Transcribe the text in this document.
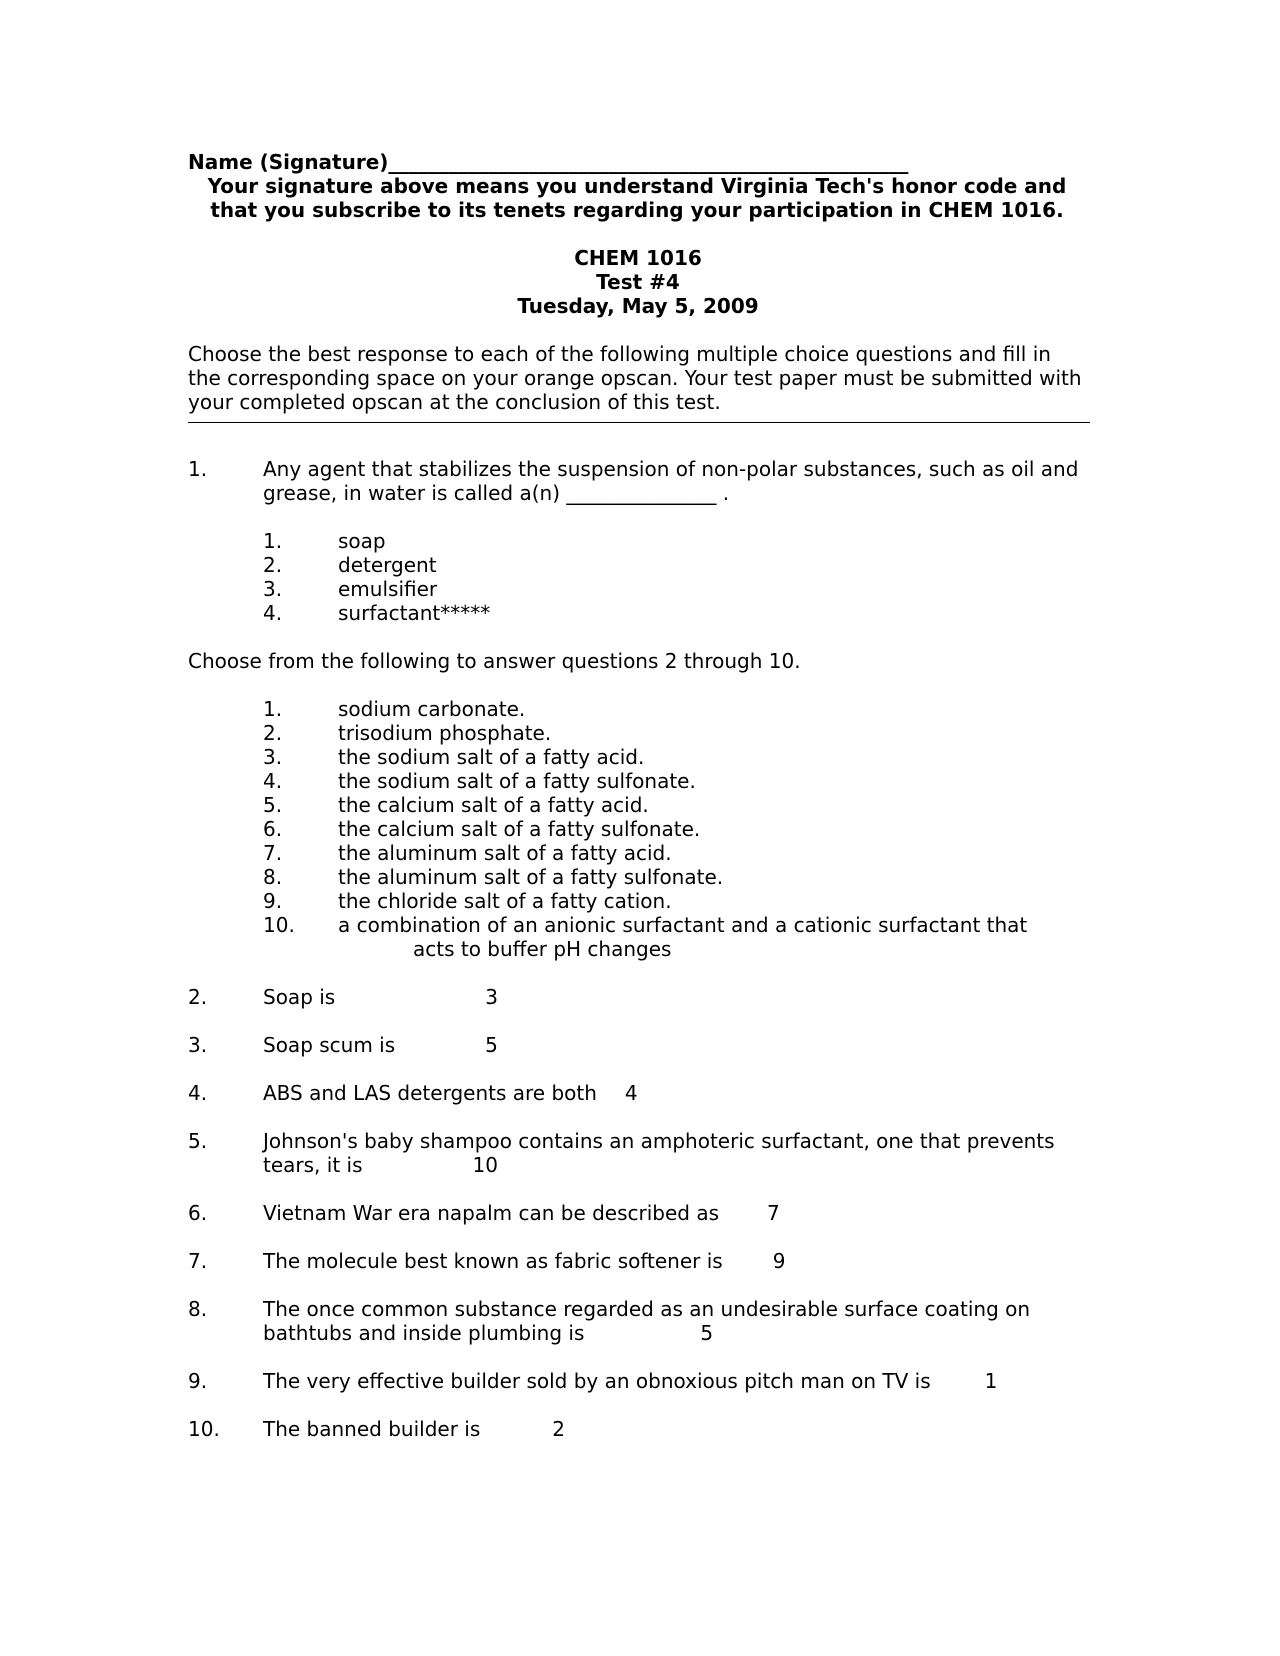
Name (Signature)____________________________________________________
Your signature above means you understand Virginia Tech's honor code and
that you subscribe to its tenets regarding your participation in CHEM 1016.
CHEM 1016
Test #4
Tuesday, May 5, 2009
Choose the best response to each of the following multiple choice questions and fill in the corresponding space on your orange opscan. Your test paper must be submitted with your completed opscan at the conclusion of this test.
1.	Any agent that stabilizes the suspension of non-polar substances, such as oil and grease, in water is called a(n) _______________ .
1.	soap
2.	detergent
3.	emulsifier
4.	surfactant*****
Choose from the following to answer questions 2 through 10.
1.	sodium carbonate.
2.	trisodium phosphate.
3.	the sodium salt of a fatty acid.
4.	the sodium salt of a fatty sulfonate.
5.	the calcium salt of a fatty acid.
6.	the calcium salt of a fatty sulfonate.
7.	the aluminum salt of a fatty acid.
8.	the aluminum salt of a fatty sulfonate.
9.	the chloride salt of a fatty cation.
10.	a combination of an anionic surfactant and a cationic surfactant that
acts to buffer pH changes
2.	Soap is	3
3.	Soap scum is	5
4.	ABS and LAS detergents are both 4
5.	Johnson's baby shampoo contains an amphoteric surfactant, one that prevents tears, it is	10
6.	Vietnam War era napalm can be described as 7
7.	The molecule best known as fabric softener is	9
8.	The once common substance regarded as an undesirable surface coating on bathtubs and inside plumbing is	5
9.	The very effective builder sold by an obnoxious pitch man on TV is	1
10.	The banned builder is	2
